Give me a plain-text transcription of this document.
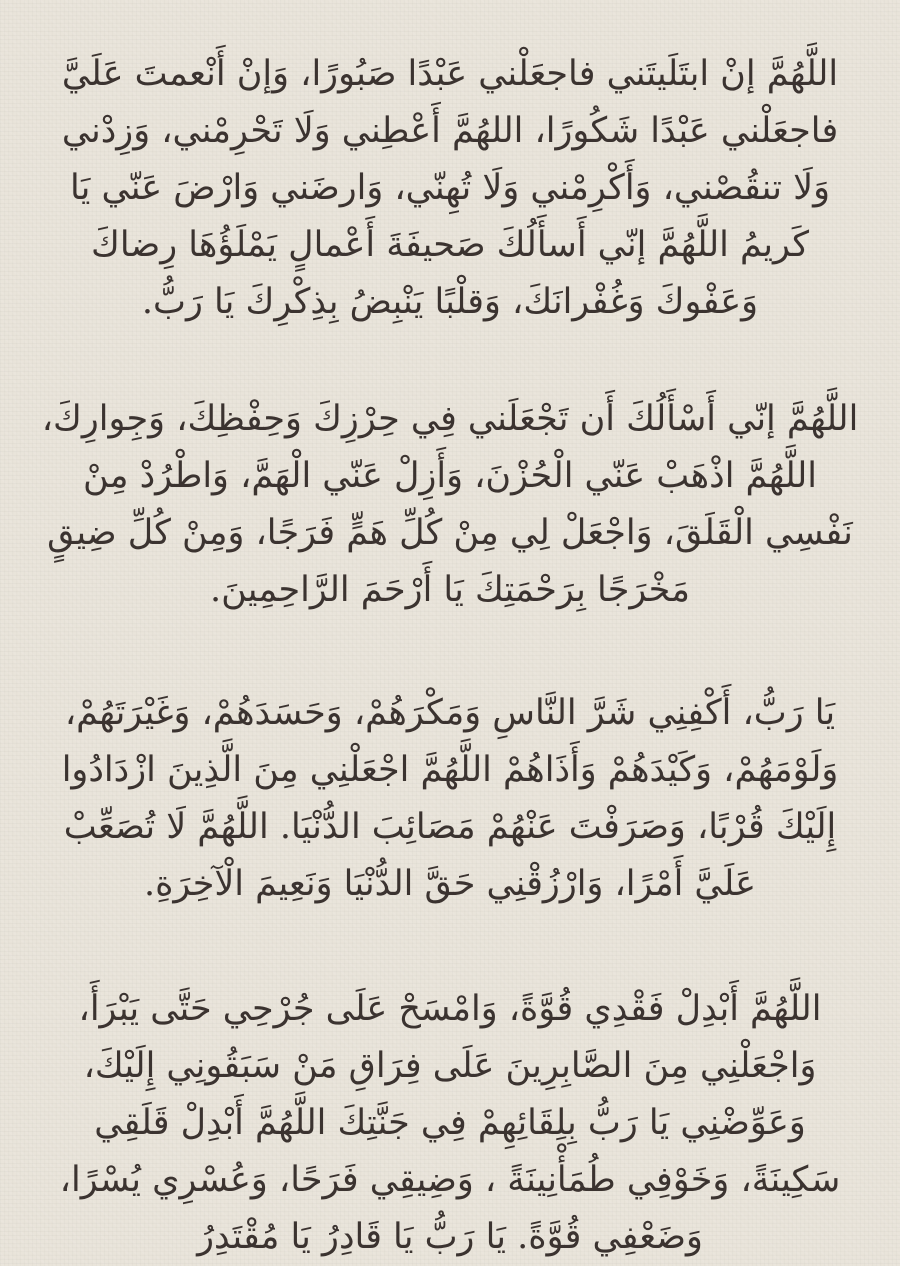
اللَّهُمَّ إنْ ابتَلَيتَني فاجعَلْني عَبْدًا صَبُورًا، وَإنْ أَنْعمتَ عَلَيَّ فاجعَلْني عَبْدًا شَكُورًا، اللهُمَّ أَعْطِني وَلَا تَحْرِمْني، وَزِدْني وَلَا تنقُصْني، وَأَكْرِمْني وَلَا تُهِنّي، وَارضَني وَارْضَ عَنّي يَا كَريمُ اللَّهُمَّ إنّي أَسأَلُكَ صَحيفَةَ أَعْمالٍ يَمْلَؤُهَا رِضاكَ وَعَفْوكَ وَغُفْرانَكَ، وَقلْبًا يَنْبِضُ بِذِكْرِكَ يَا رَبُّ.

اللَّهُمَّ إنّي أَسْأَلُكَ أَن تَجْعَلَني فِي حِرْزِكَ وَحِفْظِكَ، وَجِوارِكَ، اللَّهُمَّ اذْهَبْ عَنّي الْحُزْنَ، وَأَزِلْ عَنّي الْهَمَّ، وَاطْرُدْ مِنْ نَفْسِي الْقَلَقَ، وَاجْعَلْ لِي مِنْ كُلِّ هَمٍّ فَرَجًا، وَمِنْ كُلِّ ضِيقٍ مَخْرَجًا بِرَحْمَتِكَ يَا أَرْحَمَ الرَّاحِمِينَ.

يَا رَبُّ، أَكْفِنِي شَرَّ النَّاسِ وَمَكْرَهُمْ، وَحَسَدَهُمْ، وَغَيْرَتَهُمْ، وَلَوْمَهُمْ، وَكَيْدَهُمْ وَأَذَاهُمْ اللَّهُمَّ اجْعَلْنِي مِنَ الَّذِينَ ازْدَادُوا إِلَيْكَ قُرْبًا، وَصَرَفْتَ عَنْهُمْ مَصَائِبَ الدُّنْيَا. اللَّهُمَّ لَا تُصَعِّبْ عَلَيَّ أَمْرًا، وَارْزُقْنِي حَقَّ الدُّنْيَا وَنَعِيمَ الْآخِرَةِ.

اللَّهُمَّ أَبْدِلْ فَقْدِي قُوَّةً، وَامْسَحْ عَلَى جُرْحِي حَتَّى يَبْرَأَ، وَاجْعَلْنِي مِنَ الصَّابِرِينَ عَلَى فِرَاقِ مَنْ سَبَقُونِي إِلَيْكَ، وَعَوِّضْنِي يَا رَبُّ بِلِقَائِهِمْ فِي جَنَّتِكَ اللَّهُمَّ أَبْدِلْ قَلَقِي سَكِينَةً، وَخَوْفِي طُمَأْنِينَةً ، وَضِيقِي فَرَحًا، وَعُسْرِي يُسْرًا، وَضَعْفِي قُوَّةً. يَا رَبُّ يَا قَادِرُ يَا مُقْتَدِرُ
